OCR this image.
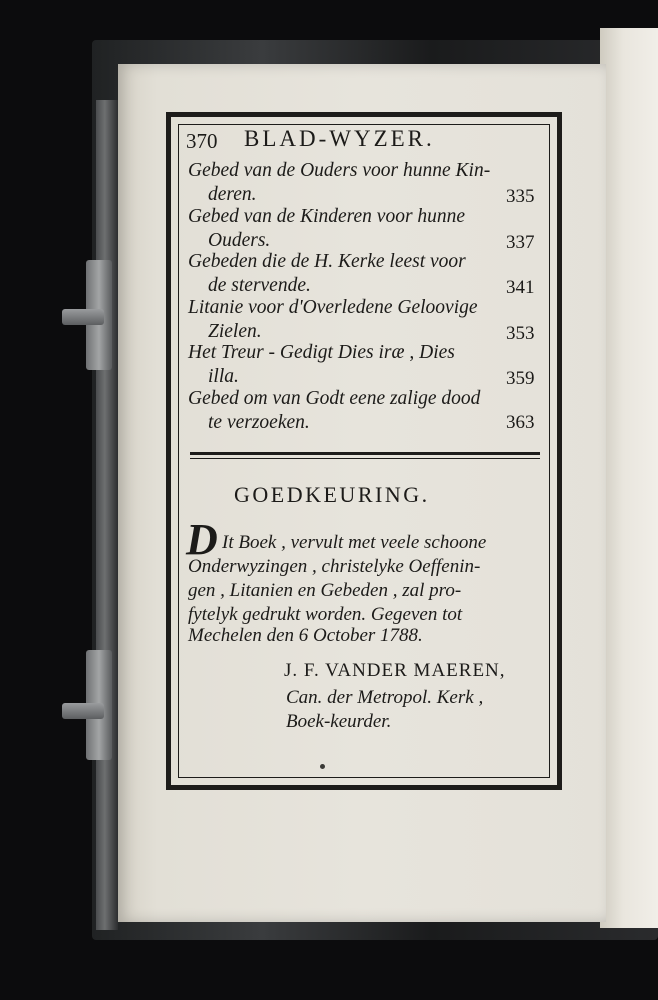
370 BLAD-WYZER.
Gebed van de Ouders voor hunne Kin-
deren.	335
Gebed van de Kinderen voor hunne
Ouders.	337
Gebeden die de H. Kerke leest voor
de stervende.	341
Litanie voor d'Overledene Geloovige
Zielen.	353
Het Treur - Gedigt Dies iræ , Dies
illa.	359
Gebed om van Godt eene zalige dood
te verzoeken.	363
GOEDKEURING.
D It Boek , vervult met veele schoone
Onderwyzingen , christelyke Oeffenin-
gen , Litanien en Gebeden , zal pro-
fytelyk gedrukt worden. Gegeven tot
Mechelen den 6 October 1788.
J. F. VANDER MAEREN,
Can. der Metropol. Kerk ,
Boek-keurder.
